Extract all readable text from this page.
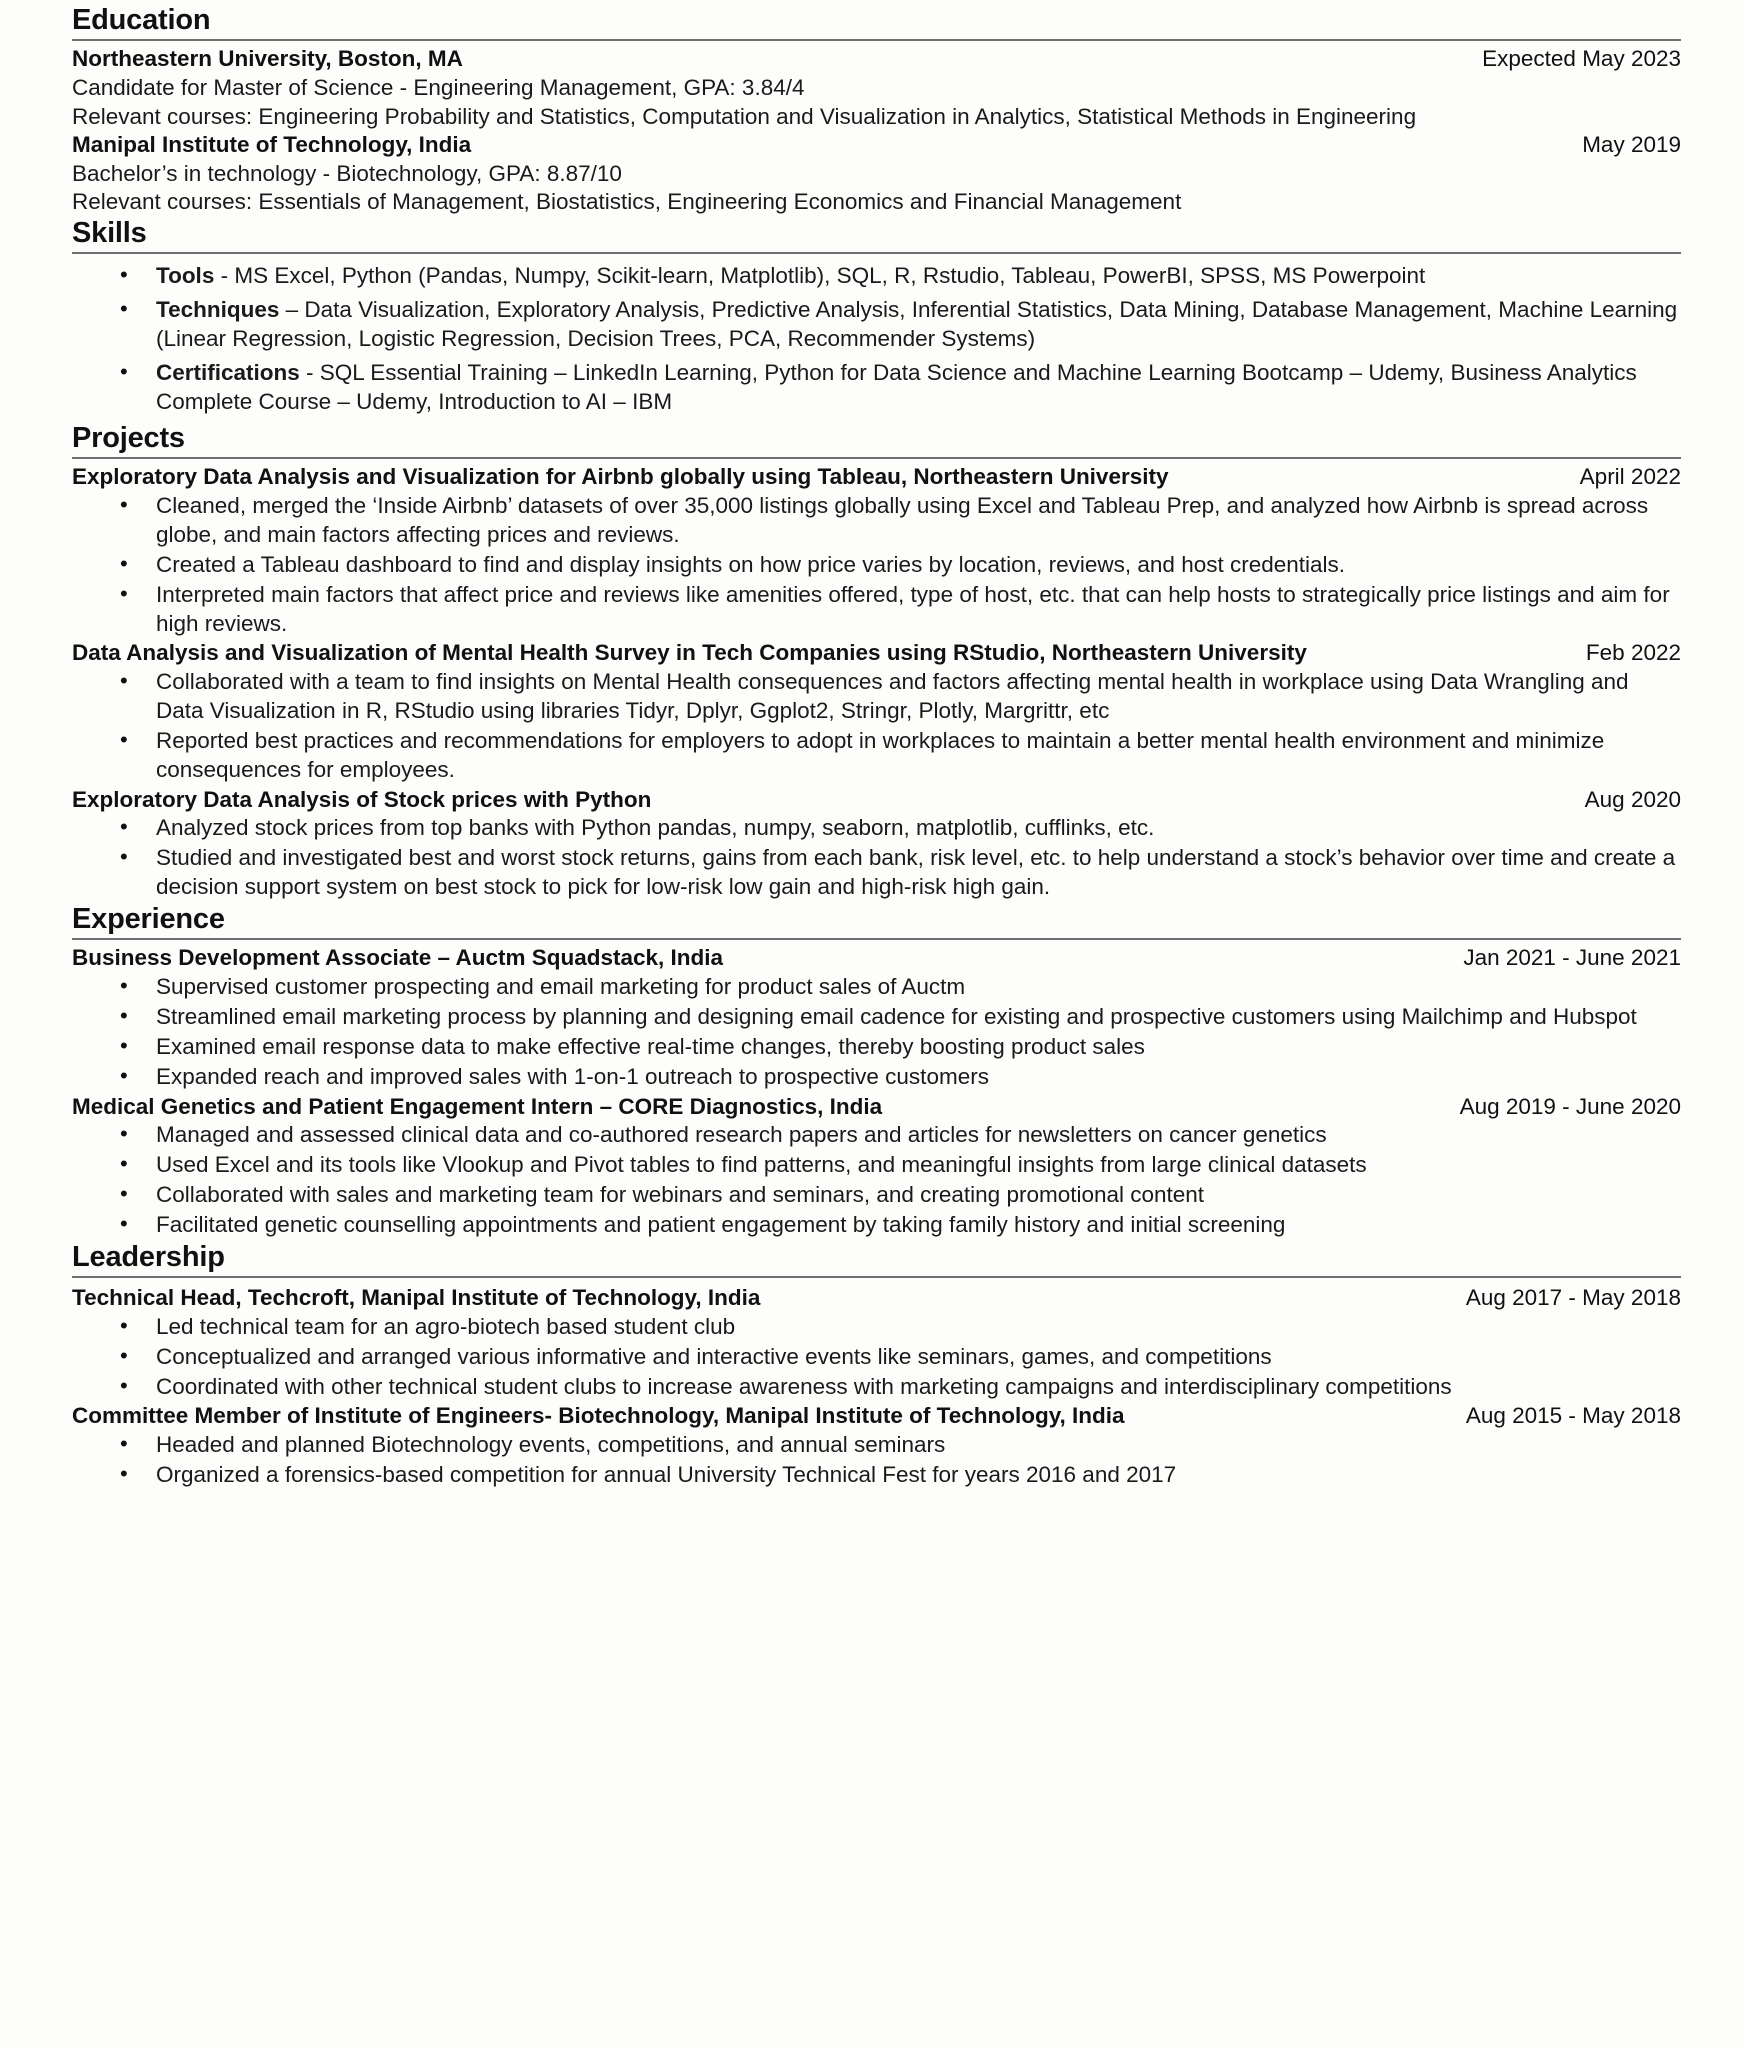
Education
Northeastern University, Boston, MA	Expected May 2023
Candidate for Master of Science - Engineering Management, GPA: 3.84/4
Relevant courses: Engineering Probability and Statistics, Computation and Visualization in Analytics, Statistical Methods in Engineering
Manipal Institute of Technology, India	May 2019
Bachelor’s in technology - Biotechnology, GPA: 8.87/10
Relevant courses: Essentials of Management, Biostatistics, Engineering Economics and Financial Management
Skills
• Tools - MS Excel, Python (Pandas, Numpy, Scikit-learn, Matplotlib), SQL, R, Rstudio, Tableau, PowerBI, SPSS, MS Powerpoint
• Techniques – Data Visualization, Exploratory Analysis, Predictive Analysis, Inferential Statistics, Data Mining, Database Management, Machine Learning (Linear Regression, Logistic Regression, Decision Trees, PCA, Recommender Systems)
• Certifications - SQL Essential Training – LinkedIn Learning, Python for Data Science and Machine Learning Bootcamp – Udemy, Business Analytics Complete Course – Udemy, Introduction to AI – IBM
Projects
Exploratory Data Analysis and Visualization for Airbnb globally using Tableau, Northeastern University	April 2022
• Cleaned, merged the ‘Inside Airbnb’ datasets of over 35,000 listings globally using Excel and Tableau Prep, and analyzed how Airbnb is spread across globe, and main factors affecting prices and reviews.
• Created a Tableau dashboard to find and display insights on how price varies by location, reviews, and host credentials.
• Interpreted main factors that affect price and reviews like amenities offered, type of host, etc. that can help hosts to strategically price listings and aim for high reviews.
Data Analysis and Visualization of Mental Health Survey in Tech Companies using RStudio, Northeastern University	Feb 2022
• Collaborated with a team to find insights on Mental Health consequences and factors affecting mental health in workplace using Data Wrangling and Data Visualization in R, RStudio using libraries Tidyr, Dplyr, Ggplot2, Stringr, Plotly, Margrittr, etc
• Reported best practices and recommendations for employers to adopt in workplaces to maintain a better mental health environment and minimize consequences for employees.
Exploratory Data Analysis of Stock prices with Python	Aug 2020
• Analyzed stock prices from top banks with Python pandas, numpy, seaborn, matplotlib, cufflinks, etc.
• Studied and investigated best and worst stock returns, gains from each bank, risk level, etc. to help understand a stock’s behavior over time and create a decision support system on best stock to pick for low-risk low gain and high-risk high gain.
Experience
Business Development Associate – Auctm Squadstack, India	Jan 2021 - June 2021
• Supervised customer prospecting and email marketing for product sales of Auctm
• Streamlined email marketing process by planning and designing email cadence for existing and prospective customers using Mailchimp and Hubspot
• Examined email response data to make effective real-time changes, thereby boosting product sales
• Expanded reach and improved sales with 1-on-1 outreach to prospective customers
Medical Genetics and Patient Engagement Intern – CORE Diagnostics, India	Aug 2019 - June 2020
• Managed and assessed clinical data and co-authored research papers and articles for newsletters on cancer genetics
• Used Excel and its tools like Vlookup and Pivot tables to find patterns, and meaningful insights from large clinical datasets
• Collaborated with sales and marketing team for webinars and seminars, and creating promotional content
• Facilitated genetic counselling appointments and patient engagement by taking family history and initial screening
Leadership
Technical Head, Techcroft, Manipal Institute of Technology, India	Aug 2017 - May 2018
• Led technical team for an agro-biotech based student club
• Conceptualized and arranged various informative and interactive events like seminars, games, and competitions
• Coordinated with other technical student clubs to increase awareness with marketing campaigns and interdisciplinary competitions
Committee Member of Institute of Engineers- Biotechnology, Manipal Institute of Technology, India	Aug 2015 - May 2018
• Headed and planned Biotechnology events, competitions, and annual seminars
• Organized a forensics-based competition for annual University Technical Fest for years 2016 and 2017
